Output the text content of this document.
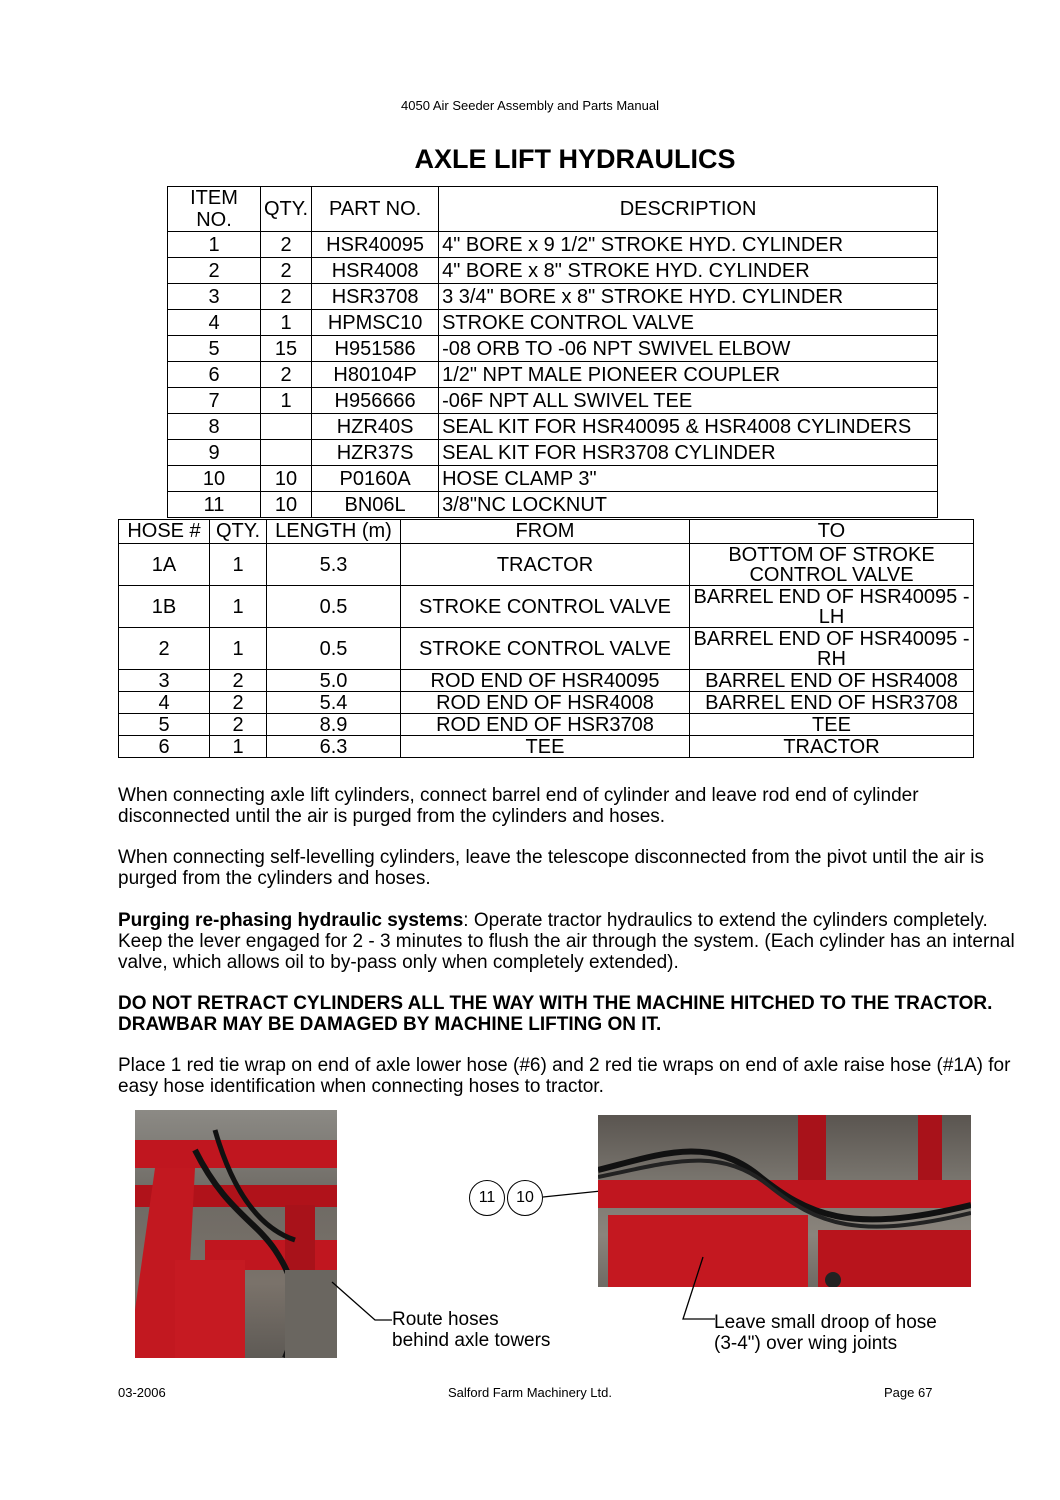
4050 Air Seeder Assembly and Parts Manual
AXLE LIFT HYDRAULICS
ITEM NO.	QTY.	PART NO.	DESCRIPTION
1	2	HSR40095	4" BORE x 9 1/2" STROKE HYD. CYLINDER
2	2	HSR4008	4" BORE x 8" STROKE HYD. CYLINDER
3	2	HSR3708	3 3/4" BORE x 8" STROKE HYD. CYLINDER
4	1	HPMSC10	STROKE CONTROL VALVE
5	15	H951586	-08 ORB TO -06 NPT SWIVEL ELBOW
6	2	H80104P	1/2" NPT MALE PIONEER COUPLER
7	1	H956666	-06F NPT ALL SWIVEL TEE
8		HZR40S	SEAL KIT FOR HSR40095 & HSR4008 CYLINDERS
9		HZR37S	SEAL KIT FOR HSR3708 CYLINDER
10	10	P0160A	HOSE CLAMP 3"
11	10	BN06L	3/8"NC LOCKNUT
HOSE #	QTY.	LENGTH (m)	FROM	TO
1A	1	5.3	TRACTOR	BOTTOM OF STROKE CONTROL VALVE
1B	1	0.5	STROKE CONTROL VALVE	BARREL END OF HSR40095 - LH
2	1	0.5	STROKE CONTROL VALVE	BARREL END OF HSR40095 - RH
3	2	5.0	ROD END OF HSR40095	BARREL END OF HSR4008
4	2	5.4	ROD END OF HSR4008	BARREL END OF HSR3708
5	2	8.9	ROD END OF HSR3708	TEE
6	1	6.3	TEE	TRACTOR
When connecting axle lift cylinders, connect barrel end of cylinder and leave rod end of cylinder disconnected until the air is purged from the cylinders and hoses.
When connecting self-levelling cylinders, leave the telescope disconnected from the pivot until the air is purged from the cylinders and hoses.
Purging re-phasing hydraulic systems: Operate tractor hydraulics to extend the cylinders completely. Keep the lever engaged for 2 - 3 minutes to flush the air through the system. (Each cylinder has an internal valve, which allows oil to by-pass only when completely extended).
DO NOT RETRACT CYLINDERS ALL THE WAY WITH THE MACHINE HITCHED TO THE TRACTOR. DRAWBAR MAY BE DAMAGED BY MACHINE LIFTING ON IT.
Place 1 red tie wrap on end of axle lower hose (#6) and 2 red tie wraps on end of axle raise hose (#1A) for easy hose identification when connecting hoses to tractor.
Route hoses
behind axle towers
11	10
Leave small droop of hose
(3-4") over wing joints
03-2006	Salford Farm Machinery Ltd.	Page 67
